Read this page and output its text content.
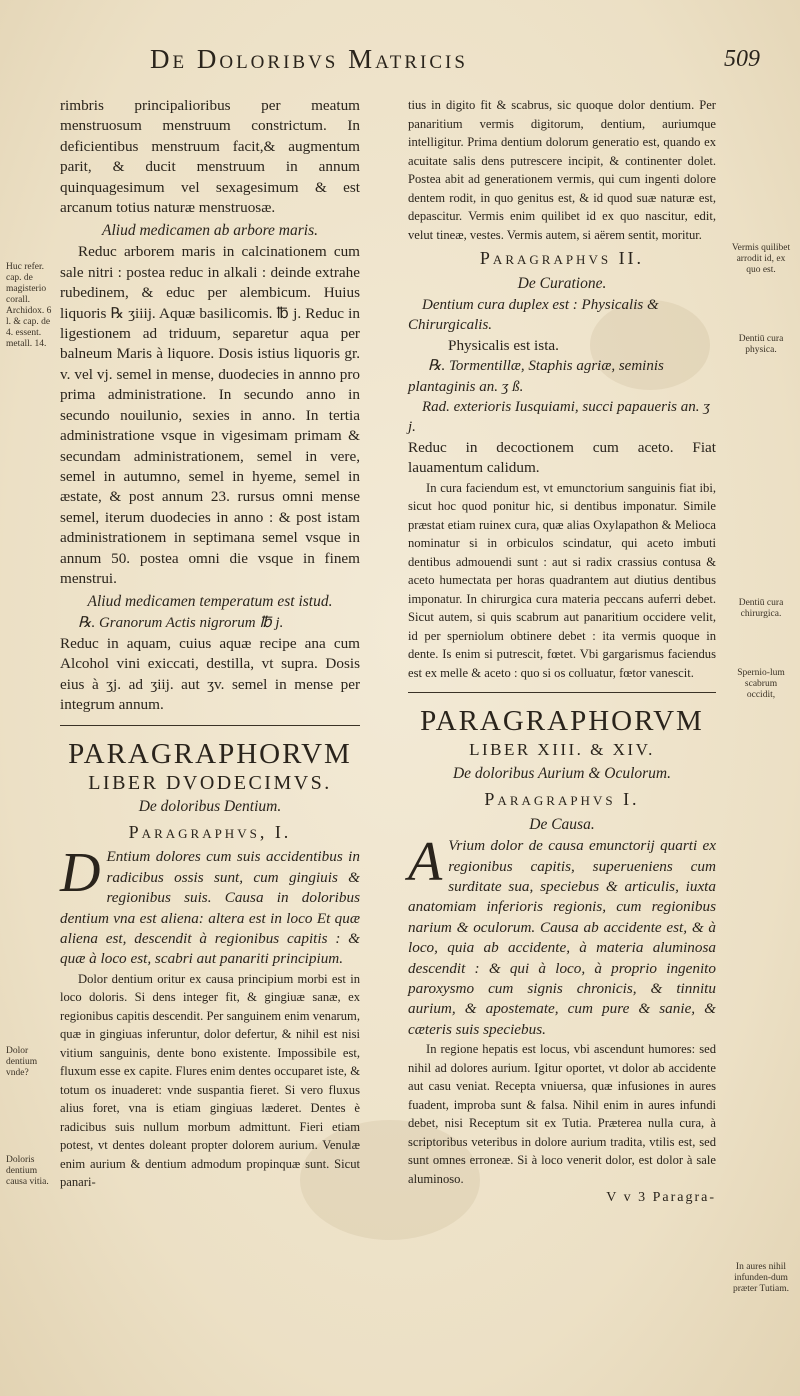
De Doloribvs Matricis	509

rimbris principalioribus per meatum menstruosum menstruum constrictum. In deficientibus menstruum facit,& augmentum parit, & ducit menstruum in annum quinquagesimum vel sexagesimum & est arcanum totius naturæ menstruosæ.

Aliud medicamen ab arbore maris.

Reduc arborem maris in calcinationem cum sale nitri : postea reduc in alkali : deinde extrahe rubedinem, & educ per alembicum. Huius liquoris ℞ ʒiiij. Aquæ basilicomis. ℔ j. Reduc in ligestionem ad triduum, separetur aqua per balneum Maris à liquore. Dosis istius liquoris gr. v. vel vj. semel in mense, duodecies in annno pro prima administratione. In secundo anno in secundo nouilunio, sexies in anno. In tertia administratione vsque in vigesimam primam & secundam administrationem, semel in vere, semel in autumno, semel in hyeme, semel in æstate, & post annum 23. rursus omni mense semel, iterum duodecies in anno : & post istam administrationem in septimana semel vsque in annum 50. postea omni die vsque in finem menstrui.

Aliud medicamen temperatum est istud.

℞. Granorum Actis nigrorum ℔ j.

Reduc in aquam, cuius aquæ recipe ana cum Alcohol vini exiccati, destilla, vt supra. Dosis eius à ʒj. ad ʒiij. aut ʒv. semel in mense per integrum annum.

PARAGRAPHORVM

LIBER DVODECIMVS.

De doloribus Dentium.

Paragraphvs, I.

D Entium dolores cum suis accidentibus in radicibus ossis sunt, cum gingiuis & regionibus suis. Causa in doloribus dentium vna est aliena: altera est in loco Et quæ aliena est, descendit à regionibus capitis : & quæ à loco est, scabri aut panariti principium.

Dolor dentium oritur ex causa principium morbi est in loco doloris. Si dens integer fit, & gingiuæ sanæ, ex regionibus capitis descendit. Per sanguinem enim venarum, quæ in gingiuas inferuntur, dolor defertur, & nihil est nisi vitium sanguinis, dente bono existente. Impossibile est, fluxum esse ex capite. Flures enim dentes occuparet iste, & totum os inuaderet: vnde suspantia fieret. Si vero fluxus alius foret, vna is etiam gingiuas læderet. Dentes è radicibus suis nullum morbum admittunt. Fieri etiam potest, vt dentes doleant propter dolorem aurium. Venulæ enim aurium & dentium admodum propinquæ sunt. Sicut panari-

tius in digito fit & scabrus, sic quoque dolor dentium. Per panaritium vermis digitorum, dentium, auriumque intelligitur. Prima dentium dolorum generatio est, quando ex acuitate salis dens putrescere incipit, & continenter dolet. Postea abit ad generationem vermis, qui cum ingenti dolore dentem rodit, in quo genitus est, & id quod suæ naturæ est, depascitur. Vermis enim quilibet id ex quo nascitur, edit, velut tineæ, vestes. Vermis autem, si aërem sentit, moritur.

Paragraphvs II.

De Curatione.

Dentium cura duplex est : Physicalis & Chirurgicalis.

Physicalis est ista.

℞. Tormentillæ, Staphis agriæ, seminis plantaginis an. ʒ ß.

Rad. exterioris Iusquiami, succi papaueris an. ʒ j.

Reduc in decoctionem cum aceto. Fiat lauamentum calidum.

In cura faciendum est, vt emunctorium sanguinis fiat ibi, sicut hoc quod ponitur hic, si dentibus imponatur. Simile præstat etiam ruinex cura, quæ alias Oxylapathon & Melioca nominatur si in orbiculos scindatur, qui aceto imbuti dentibus admouendi sunt : aut si radix crassius contusa & aceto humectata per horas quadrantem aut diutius dentibus imponatur. In chirurgica cura materia peccans auferri debet. Sicut autem, si quis scabrum aut panaritium occidere velit, id per sperniolum obtinere debet : ita vermis quoque in dente. Is enim si putrescit, fœtet. Vbi gargarismus faciendus est ex melle & aceto : quo si os colluatur, fœtor vanescit.

PARAGRAPHORVM

LIBER XIII. & XIV.

De doloribus Aurium & Oculorum.

Paragraphvs I.

De Causa.

A Vrium dolor de causa emunctorij quarti ex regionibus capitis, superueniens cum surditate sua, speciebus & articulis, iuxta anatomiam inferioris regionis, cum regionibus narium & oculorum. Causa ab accidente est, & à loco, quia ab accidente, à materia aluminosa descendit : & qui à loco, à proprio ingenito paroxysmo cum signis chronicis, & tinnitu aurium, & apostemate, cum pure & sanie, & cæteris suis speciebus.

In regione hepatis est locus, vbi ascendunt humores: sed nihil ad dolores aurium. Igitur oportet, vt dolor ab accidente aut casu veniat. Recepta vniuersa, quæ infusiones in aures fuadent, improba sunt & falsa. Nihil enim in aures infundi debet, nisi Receptum sit ex Tutia. Præterea nulla cura, à scriptoribus veteribus in dolore aurium tradita, vtilis est, sed sunt omnes erroneæ. Si à loco venerit dolor, est dolor à sale aluminoso.

V v 3 Paragra-

Huc refer. cap. de magisterio corall. Archidox. 6 l. & cap. de 4. essent. metall. 14.
Dolor dentium vnde?
Doloris dentium causa vitia.
Vermis quilibet arrodit id, ex quo est.
Dentiū cura physica.
Dentiū cura chirurgica.
Spernio-lum scabrum occidit,
In aures nihil infunden-dum præter Tutiam.
